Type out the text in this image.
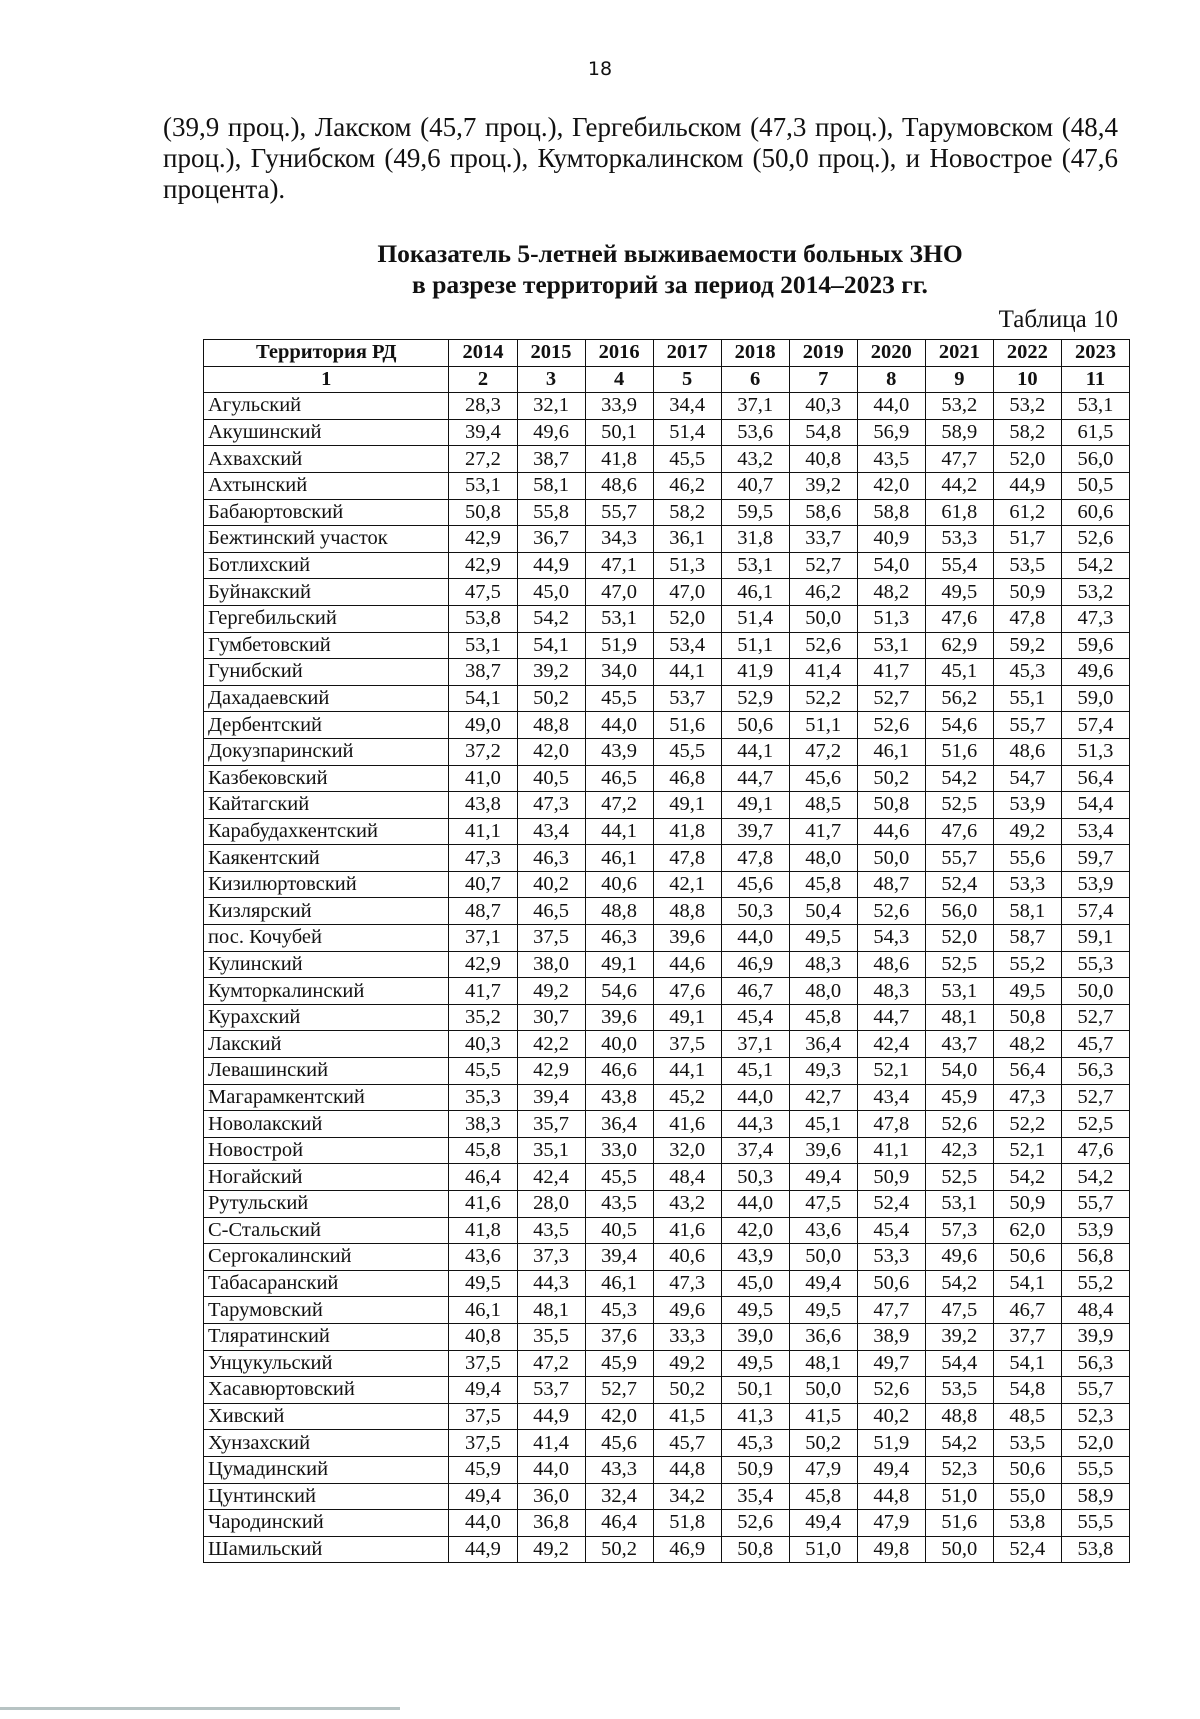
18
(39,9 проц.), Лакском (45,7 проц.), Гергебильском (47,3 проц.), Тарумовском (48,4 проц.), Гунибском (49,6 проц.), Кумторкалинском (50,0 проц.), и Новострое (47,6 процента).
Показатель 5-летней выживаемости больных ЗНО
в разрезе территорий за период 2014–2023 гг.
Таблица 10
Территория РД	2014	2015	2016	2017	2018	2019	2020	2021	2022	2023
1	2	3	4	5	6	7	8	9	10	11
Агульский	28,3	32,1	33,9	34,4	37,1	40,3	44,0	53,2	53,2	53,1
Акушинский	39,4	49,6	50,1	51,4	53,6	54,8	56,9	58,9	58,2	61,5
Ахвахский	27,2	38,7	41,8	45,5	43,2	40,8	43,5	47,7	52,0	56,0
Ахтынский	53,1	58,1	48,6	46,2	40,7	39,2	42,0	44,2	44,9	50,5
Бабаюртовский	50,8	55,8	55,7	58,2	59,5	58,6	58,8	61,8	61,2	60,6
Бежтинский участок	42,9	36,7	34,3	36,1	31,8	33,7	40,9	53,3	51,7	52,6
Ботлихский	42,9	44,9	47,1	51,3	53,1	52,7	54,0	55,4	53,5	54,2
Буйнакский	47,5	45,0	47,0	47,0	46,1	46,2	48,2	49,5	50,9	53,2
Гергебильский	53,8	54,2	53,1	52,0	51,4	50,0	51,3	47,6	47,8	47,3
Гумбетовский	53,1	54,1	51,9	53,4	51,1	52,6	53,1	62,9	59,2	59,6
Гунибский	38,7	39,2	34,0	44,1	41,9	41,4	41,7	45,1	45,3	49,6
Дахадаевский	54,1	50,2	45,5	53,7	52,9	52,2	52,7	56,2	55,1	59,0
Дербентский	49,0	48,8	44,0	51,6	50,6	51,1	52,6	54,6	55,7	57,4
Докузпаринский	37,2	42,0	43,9	45,5	44,1	47,2	46,1	51,6	48,6	51,3
Казбековский	41,0	40,5	46,5	46,8	44,7	45,6	50,2	54,2	54,7	56,4
Кайтагский	43,8	47,3	47,2	49,1	49,1	48,5	50,8	52,5	53,9	54,4
Карабудахкентский	41,1	43,4	44,1	41,8	39,7	41,7	44,6	47,6	49,2	53,4
Каякентский	47,3	46,3	46,1	47,8	47,8	48,0	50,0	55,7	55,6	59,7
Кизилюртовский	40,7	40,2	40,6	42,1	45,6	45,8	48,7	52,4	53,3	53,9
Кизлярский	48,7	46,5	48,8	48,8	50,3	50,4	52,6	56,0	58,1	57,4
пос. Кочубей	37,1	37,5	46,3	39,6	44,0	49,5	54,3	52,0	58,7	59,1
Кулинский	42,9	38,0	49,1	44,6	46,9	48,3	48,6	52,5	55,2	55,3
Кумторкалинский	41,7	49,2	54,6	47,6	46,7	48,0	48,3	53,1	49,5	50,0
Курахский	35,2	30,7	39,6	49,1	45,4	45,8	44,7	48,1	50,8	52,7
Лакский	40,3	42,2	40,0	37,5	37,1	36,4	42,4	43,7	48,2	45,7
Левашинский	45,5	42,9	46,6	44,1	45,1	49,3	52,1	54,0	56,4	56,3
Магарамкентский	35,3	39,4	43,8	45,2	44,0	42,7	43,4	45,9	47,3	52,7
Новолакский	38,3	35,7	36,4	41,6	44,3	45,1	47,8	52,6	52,2	52,5
Новострой	45,8	35,1	33,0	32,0	37,4	39,6	41,1	42,3	52,1	47,6
Ногайский	46,4	42,4	45,5	48,4	50,3	49,4	50,9	52,5	54,2	54,2
Рутульский	41,6	28,0	43,5	43,2	44,0	47,5	52,4	53,1	50,9	55,7
С-Стальский	41,8	43,5	40,5	41,6	42,0	43,6	45,4	57,3	62,0	53,9
Сергокалинский	43,6	37,3	39,4	40,6	43,9	50,0	53,3	49,6	50,6	56,8
Табасаранский	49,5	44,3	46,1	47,3	45,0	49,4	50,6	54,2	54,1	55,2
Тарумовский	46,1	48,1	45,3	49,6	49,5	49,5	47,7	47,5	46,7	48,4
Тляратинский	40,8	35,5	37,6	33,3	39,0	36,6	38,9	39,2	37,7	39,9
Унцукульский	37,5	47,2	45,9	49,2	49,5	48,1	49,7	54,4	54,1	56,3
Хасавюртовский	49,4	53,7	52,7	50,2	50,1	50,0	52,6	53,5	54,8	55,7
Хивский	37,5	44,9	42,0	41,5	41,3	41,5	40,2	48,8	48,5	52,3
Хунзахский	37,5	41,4	45,6	45,7	45,3	50,2	51,9	54,2	53,5	52,0
Цумадинский	45,9	44,0	43,3	44,8	50,9	47,9	49,4	52,3	50,6	55,5
Цунтинский	49,4	36,0	32,4	34,2	35,4	45,8	44,8	51,0	55,0	58,9
Чародинский	44,0	36,8	46,4	51,8	52,6	49,4	47,9	51,6	53,8	55,5
Шамильский	44,9	49,2	50,2	46,9	50,8	51,0	49,8	50,0	52,4	53,8
